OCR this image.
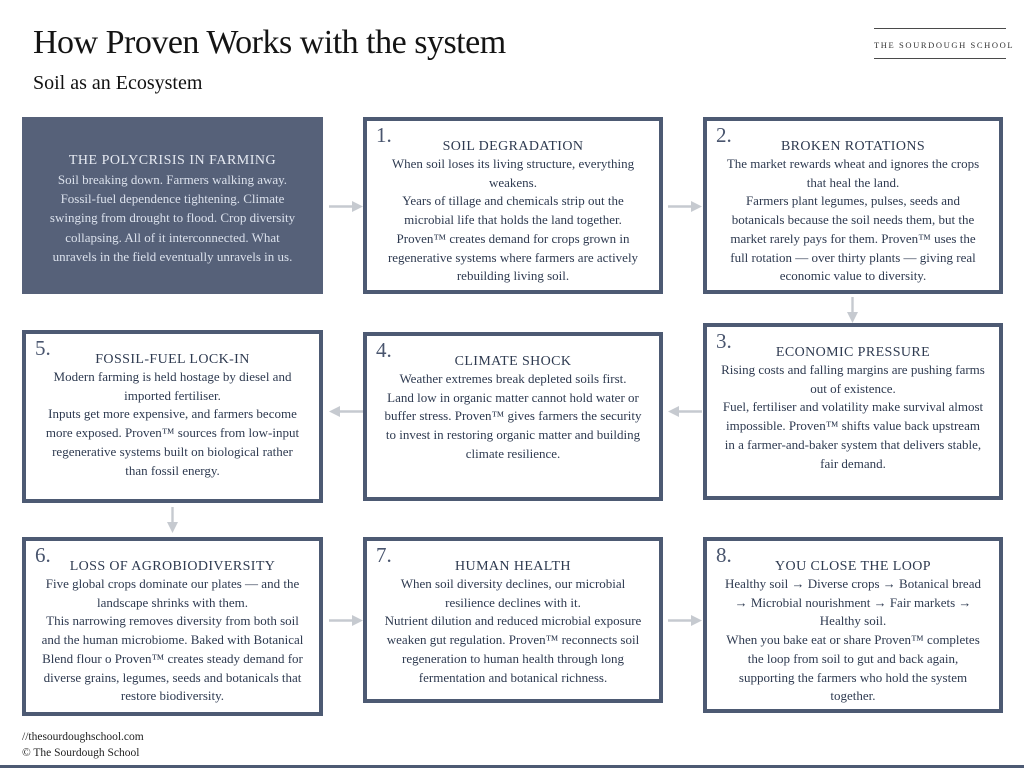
How Proven Works with the system
Soil as an Ecosystem
THE SOURDOUGH SCHOOL
THE POLYCRISIS IN FARMING

Soil breaking down. Farmers walking away. Fossil-fuel dependence tightening. Climate swinging from drought to flood. Crop diversity collapsing. All of it interconnected. What unravels in the field eventually unravels in us.

1.	SOIL DEGRADATION

When soil loses its living structure, everything weakens.

Years of tillage and chemicals strip out the microbial life that holds the land together. Proven™ creates demand for crops grown in regenerative systems where farmers are actively rebuilding living soil.

2.	BROKEN ROTATIONS

The market rewards wheat and ignores the crops that heal the land.

Farmers plant legumes, pulses, seeds and botanicals because the soil needs them, but the market rarely pays for them. Proven™ uses the full rotation — over thirty plants — giving real economic value to diversity.

5.	FOSSIL-FUEL LOCK-IN

Modern farming is held hostage by diesel and imported fertiliser.

Inputs get more expensive, and farmers become more exposed. Proven™ sources from low-input regenerative systems built on biological rather than fossil energy.

4.	CLIMATE SHOCK

Weather extremes break depleted soils first.

Land low in organic matter cannot hold water or buffer stress. Proven™ gives farmers the security to invest in restoring organic matter and building climate resilience.

3.	ECONOMIC PRESSURE

Rising costs and falling margins are pushing farms out of existence.

Fuel, fertiliser and volatility make survival almost impossible. Proven™ shifts value back upstream in a farmer-and-baker system that delivers stable, fair demand.

6.	LOSS OF AGROBIODIVERSITY

Five global crops dominate our plates — and the landscape shrinks with them.

This narrowing removes diversity from both soil and the human microbiome. Baked with Botanical Blend flour o Proven™ creates steady demand for diverse grains, legumes, seeds and botanicals that restore biodiversity.

7.	HUMAN HEALTH

When soil diversity declines, our microbial resilience declines with it.

Nutrient dilution and reduced microbial exposure weaken gut regulation. Proven™ reconnects soil regeneration to human health through long fermentation and botanical richness.

8.	YOU CLOSE THE LOOP

Healthy soil → Diverse crops → Botanical bread → Microbial nourishment → Fair markets → Healthy soil.

When you bake eat or share Proven™ completes the loop from soil to gut and back again, supporting the farmers who hold the system together.

//thesourdoughschool.com
© The Sourdough School
